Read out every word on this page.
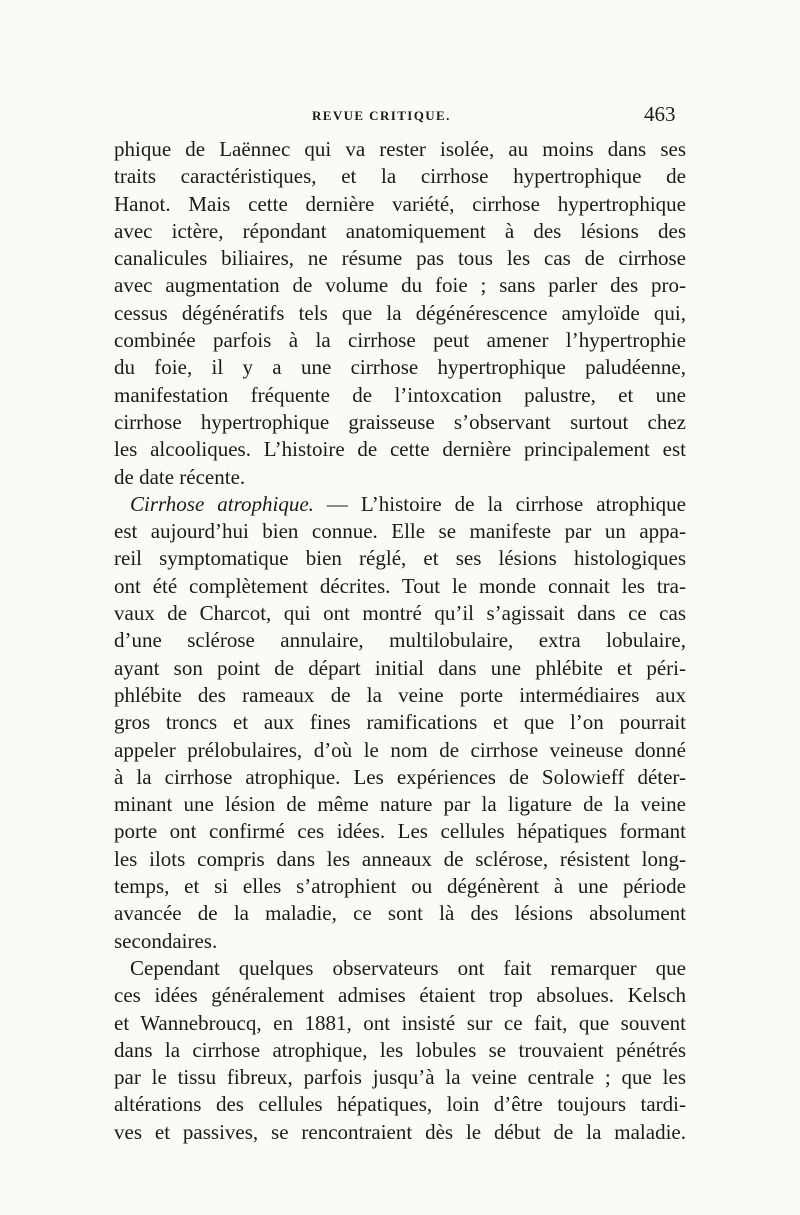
REVUE CRITIQUE.	463
phique de Laënnec qui va rester isolée, au moins dans ses
traits caractéristiques, et la cirrhose hypertrophique de
Hanot. Mais cette dernière variété, cirrhose hypertrophique
avec ictère, répondant anatomiquement à des lésions des
canalicules biliaires, ne résume pas tous les cas de cirrhose
avec augmentation de volume du foie ; sans parler des pro-
cessus dégénératifs tels que la dégénérescence amyloïde qui,
combinée parfois à la cirrhose peut amener l’hypertrophie
du foie, il y a une cirrhose hypertrophique paludéenne,
manifestation fréquente de l’intoxcation palustre, et une
cirrhose hypertrophique graisseuse s’observant surtout chez
les alcooliques. L’histoire de cette dernière principalement est
de date récente.
Cirrhose atrophique. — L’histoire de la cirrhose atrophique
est aujourd’hui bien connue. Elle se manifeste par un appa-
reil symptomatique bien réglé, et ses lésions histologiques
ont été complètement décrites. Tout le monde connait les tra-
vaux de Charcot, qui ont montré qu’il s’agissait dans ce cas
d’une sclérose annulaire, multilobulaire, extra lobulaire,
ayant son point de départ initial dans une phlébite et péri-
phlébite des rameaux de la veine porte intermédiaires aux
gros troncs et aux fines ramifications et que l’on pourrait
appeler prélobulaires, d’où le nom de cirrhose veineuse donné
à la cirrhose atrophique. Les expériences de Solowieff déter-
minant une lésion de même nature par la ligature de la veine
porte ont confirmé ces idées. Les cellules hépatiques formant
les ilots compris dans les anneaux de sclérose, résistent long-
temps, et si elles s’atrophient ou dégénèrent à une période
avancée de la maladie, ce sont là des lésions absolument
secondaires.
Cependant quelques observateurs ont fait remarquer que
ces idées généralement admises étaient trop absolues. Kelsch
et Wannebroucq, en 1881, ont insisté sur ce fait, que souvent
dans la cirrhose atrophique, les lobules se trouvaient pénétrés
par le tissu fibreux, parfois jusqu’à la veine centrale ; que les
altérations des cellules hépatiques, loin d’être toujours tardi-
ves et passives, se rencontraient dès le début de la maladie.
